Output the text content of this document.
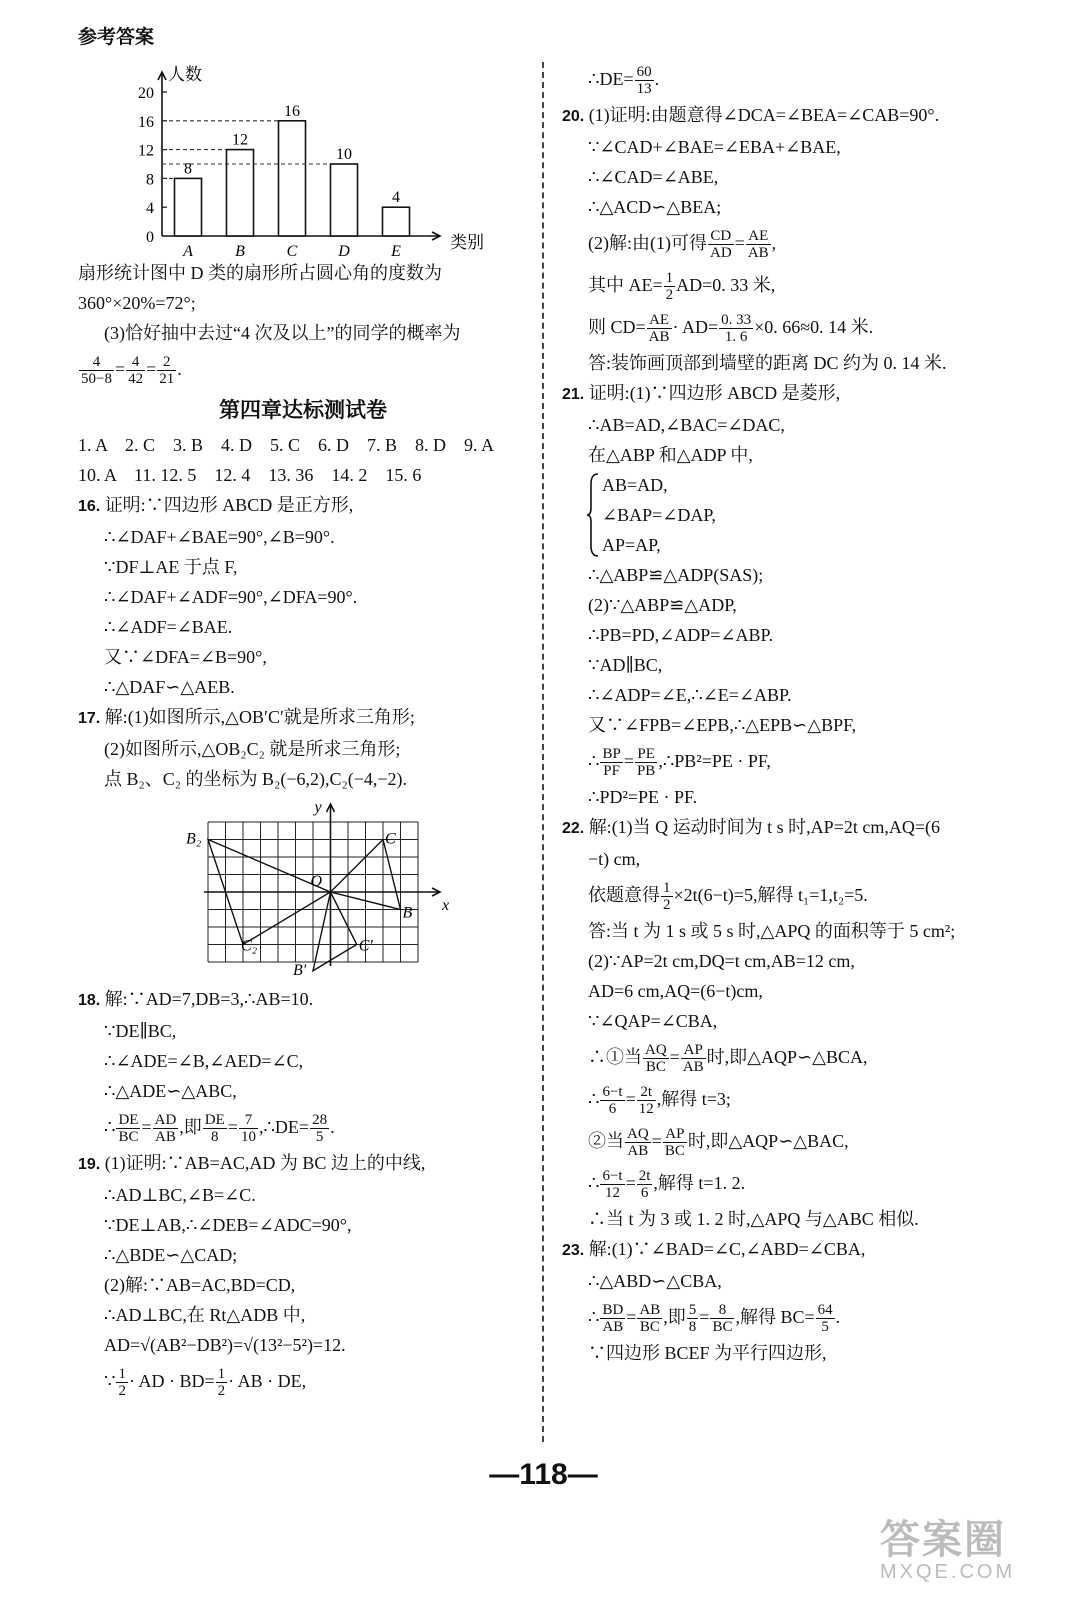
参考答案
人数
类别
0
4
8
12
16
20
8
A
12
B
16
C
10
D
4
E
扇形统计图中 D 类的扇形所占圆心角的度数为
360°×20%=72°;
(3)恰好抽中去过“4 次及以上”的同学的概率为
$\frac{4}{50-8} = \frac{4}{42} = \frac{2}{21}$ .
第四章达标测试卷
1. A　2. C　3. B　4. D　5. C　6. D　7. B　8. D　9. A
10. A　11. 12. 5　12. 4　13. 36　14. 2　15. 6
16. 证明:∵四边形 ABCD 是正方形,
∴∠DAF+∠BAE=90°,∠B=90°.
∵DF⊥AE 于点 F,
∴∠DAF+∠ADF=90°,∠DFA=90°.
∴∠ADF=∠BAE.
又∵∠DFA=∠B=90°,
∴△DAF∽△AEB.
17. 解:(1)如图所示,△OB′C′就是所求三角形;
(2)如图所示,△OB₂C₂ 就是所求三角形;
点 B₂、C₂ 的坐标为 B₂(−6,2),C₂(−4,−2).
y
x
O
B₂	C
B
C₂	C′
B′
18. 解:∵AD=7,DB=3,∴AB=10.
∵DE∥BC,
∴∠ADE=∠B,∠AED=∠C,
∴△ADE∽△ABC,
∴ $\frac{DE}{BC} = \frac{AD}{AB}$ ,即 $\frac{DE}{8} = \frac{7}{10}$ ,∴DE= $\frac{28}{5}$ .
19. (1)证明:∵AB=AC,AD 为 BC 边上的中线,
∴AD⊥BC,∠B=∠C.
∵DE⊥AB,∴∠DEB=∠ADC=90°,
∴△BDE∽△CAD;
(2)解:∵AB=AC,BD=CD,
∴AD⊥BC,在 Rt△ADB 中,
AD=√(AB²−DB²)=√(13²−5²)=12.
∵ $\frac{1}{2}$ · AD · $BD= \frac{1}{2}$ · AB · DE,
∴DE= $\frac{60}{13}$ .
20. (1)证明:由题意得∠DCA=∠BEA=∠CAB=90°.
∵∠CAD+∠BAE=∠EBA+∠BAE,
∴∠CAD=∠ABE,
∴△ACD∽△BEA;
(2)解:由(1)可得 $\frac{CD}{AD} = \frac{AE}{AB}$ ,
其中 $AE= \frac{1}{2} AD=0$. 33 米,
则 $CD= \frac{AE}{AB} \cdot AD= \frac{0. 33}{1. 6} \times 0$. 66≈0. 14 米.
答:装饰画顶部到墙壁的距离 DC 约为 0. 14 米.
21. 证明:(1)∵四边形 ABCD 是菱形,
∴AB=AD,∠BAC=∠DAC,
在△ABP 和△ADP 中,
AB=AD,
∠BAP=∠DAP,
AP=AP,
∴△ABP≌△ADP(SAS);
(2)∵△ABP≌△ADP,
∴PB=PD,∠ADP=∠ABP.
∵AD∥BC,
∴∠ADP=∠E,∴∠E=∠ABP.
又∵∠FPB=∠EPB,∴△EPB∽△BPF,
∴ $\frac{BP}{PF} = \frac{PE}{PB}$ ,∴PB²=PE · PF,
∴PD²=PE · PF.
22. 解:(1)当 Q 运动时间为 t s 时,AP=2t cm,AQ=(6
−t) cm,
依题意得 $\frac{1}{2} \times 2t(6-t)=5$,解得 t₁=1,t₂=5.
答:当 t 为 1 s 或 5 s 时,△APQ 的面积等于 5 cm²;
(2)∵AP=2t cm,DQ=t cm,AB=12 cm,
AD=6 cm,AQ=(6−t)cm,
∵∠QAP=∠CBA,
∴①当 $\frac{AQ}{BC} = \frac{AP}{AB}$ 时,即△AQP∽△BCA,
∴ $\frac{6-t}{6} = \frac{2t}{12}$ ,解得 t=3;
②当 $\frac{AQ}{AB} = \frac{AP}{BC}$ 时,即△AQP∽△BAC,
∴ $\frac{6-t}{12} = \frac{2t}{6}$ ,解得 t=1. 2.
∴当 t 为 3 或 1. 2 时,△APQ 与△ABC 相似.
23. 解:(1)∵∠BAD=∠C,∠ABD=∠CBA,
∴△ABD∽△CBA,
∴ $\frac{BD}{AB} = \frac{AB}{BC}$ ,即 $\frac{5}{8} = \frac{8}{BC}$ ,解得 $BC= \frac{64}{5}$ .
∵四边形 BCEF 为平行四边形,
—118—
答案圈
MXQE.COM
